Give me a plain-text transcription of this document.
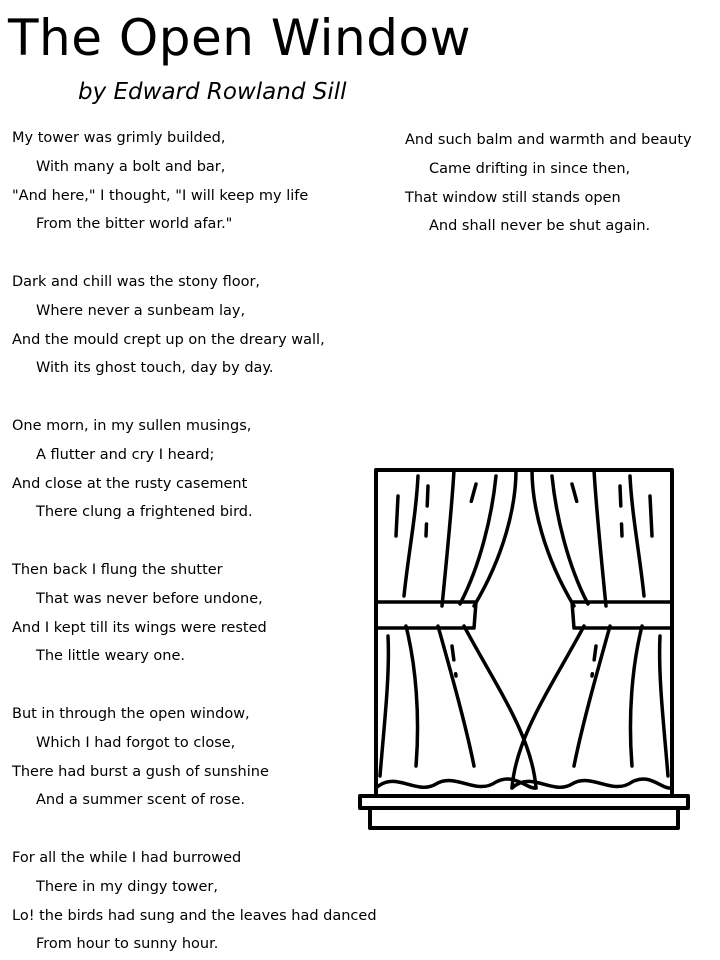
The Open Window
by Edward Rowland Sill
My tower was grimly builded,
With many a bolt and bar,
"And here," I thought, "I will keep my life
From the bitter world afar."
Dark and chill was the stony floor,
Where never a sunbeam lay,
And the mould crept up on the dreary wall,
With its ghost touch, day by day.
One morn, in my sullen musings,
A flutter and cry I heard;
And close at the rusty casement
There clung a frightened bird.
Then back I flung the shutter
That was never before undone,
And I kept till its wings were rested
The little weary one.
But in through the open window,
Which I had forgot to close,
There had burst a gush of sunshine
And a summer scent of rose.
For all the while I had burrowed
There in my dingy tower,
Lo! the birds had sung and the leaves had danced
From hour to sunny hour.
And such balm and warmth and beauty
Came drifting in since then,
That window still stands open
And shall never be shut again.
